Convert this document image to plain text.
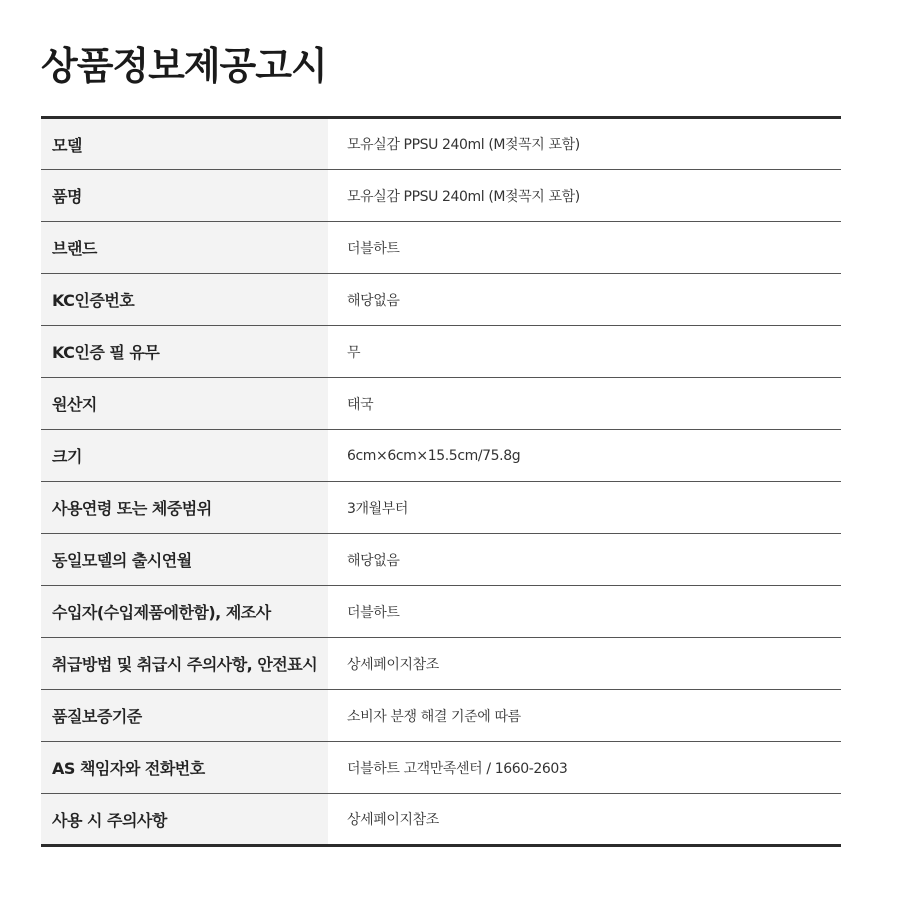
상품정보제공고시
모델	모유실감 PPSU 240ml (M젖꼭지 포함)
품명	모유실감 PPSU 240ml (M젖꼭지 포함)
브랜드	더블하트
KC인증번호	해당없음
KC인증 필 유무	무
원산지	태국
크기	6cm×6cm×15.5cm/75.8g
사용연령 또는 체중범위	3개월부터
동일모델의 출시연월	해당없음
수입자(수입제품에한함), 제조사	더블하트
취급방법 및 취급시 주의사항, 안전표시	상세페이지참조
품질보증기준	소비자 분쟁 해결 기준에 따름
AS 책임자와 전화번호	더블하트 고객만족센터 / 1660-2603
사용 시 주의사항	상세페이지참조
